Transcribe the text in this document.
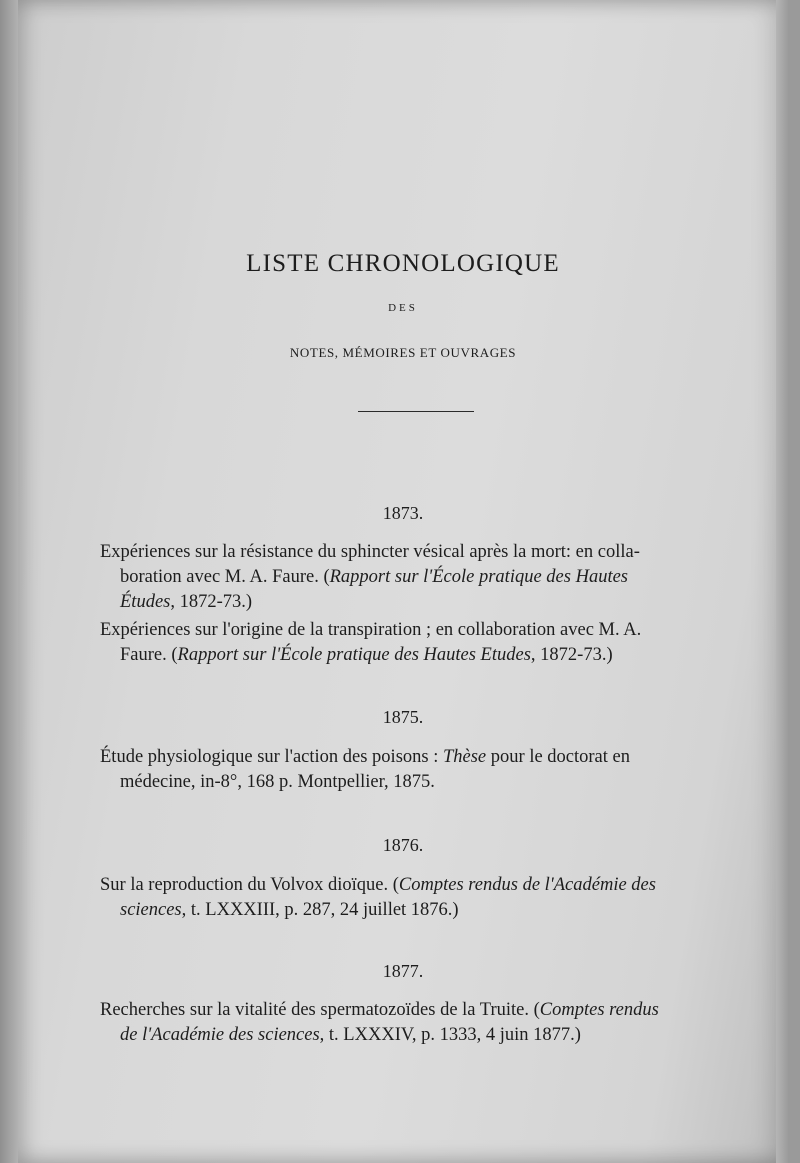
LISTE CHRONOLOGIQUE
DES
NOTES, MÉMOIRES ET OUVRAGES
1873.
Expériences sur la résistance du sphincter vésical après la mort: en colla-
boration avec M. A. Faure. (Rapport sur l'École pratique des Hautes
Études, 1872-73.)
Expériences sur l'origine de la transpiration ; en collaboration avec M. A.
Faure. (Rapport sur l'École pratique des Hautes Etudes, 1872-73.)
1875.
Étude physiologique sur l'action des poisons : Thèse pour le doctorat en
médecine, in-8°, 168 p. Montpellier, 1875.
1876.
Sur la reproduction du Volvox dioïque. (Comptes rendus de l'Académie des
sciences, t. LXXXIII, p. 287, 24 juillet 1876.)
1877.
Recherches sur la vitalité des spermatozoïdes de la Truite. (Comptes rendus
de l'Académie des sciences, t. LXXXIV, p. 1333, 4 juin 1877.)
